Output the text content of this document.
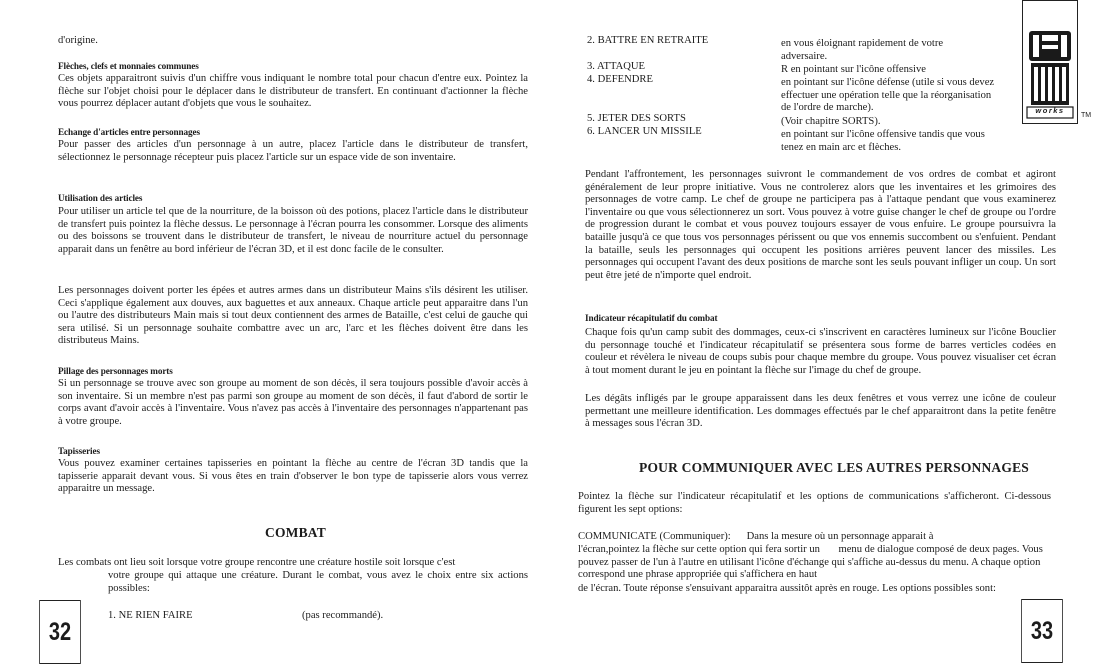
d'origine.

Flèches, clefs et monnaies communes

Ces objets apparaitront suivis d'un chiffre vous indiquant le nombre total pour chacun d'entre eux. Pointez la flèche sur l'objet choisi pour le déplacer dans le distributeur de transfert. En continuant d'actionner la flèche vous pourrez déplacer autant d'objets que vous le souhaitez.

Echange d'articles entre personnages

Pour passer des articles d'un personnage à un autre, placez l'article dans le distributeur de transfert, sélectionnez le personnage récepteur puis placez l'article sur un espace vide de son inventaire.

Utilisation des articles

Pour utiliser un article tel que de la nourriture, de la boisson où des potions, placez l'article dans le distributeur de transfert puis pointez la flèche dessus. Le personnage à l'écran pourra les consommer. Lorsque des aliments ou des boissons se trouvent dans le distributeur de transfert, le niveau de nourriture actuel du personnage apparait dans un fenêtre au bord inférieur de l'écran 3D, et il est donc facile de le consulter.

Les personnages doivent porter les épées et autres armes dans un distributeur Mains s'ils désirent les utiliser. Ceci s'applique également aux douves, aux baguettes et aux anneaux. Chaque article peut apparaitre dans l'un ou l'autre des distributeurs Main mais si tout deux contiennent des armes de Bataille, c'est celui de gauche qui sera utilisé. Si un personnage souhaite combattre avec un arc, l'arc et les flèches doivent être dans les distributeus Mains.

Pillage des personnages morts

Si un personnage se trouve avec son groupe au moment de son décès, il sera toujours possible d'avoir accès à son inventaire. Si un membre n'est pas parmi son groupe au moment de son décès, il faut d'abord de sortir le corps avant d'avoir accès à l'inventaire. Vous n'avez pas accès à l'inventaire des personnages n'appartenant pas à votre groupe.

Tapisseries

Vous pouvez examiner certaines tapisseries en pointant la flèche au centre de l'écran 3D tandis que la tapisserie apparait devant vous. Si vous êtes en train d'observer le bon type de tapisserie alors vous verrez apparaitre un message.

COMBAT

Les combats ont lieu soit lorsque votre groupe rencontre une créature hostile soit lorsque c'est

votre groupe qui attaque une créature. Durant le combat, vous avez le choix entre six actions possibles:

1. NE RIEN FAIRE	(pas recommandé).
32
2. BATTRE EN RETRAITE	en vous éloignant rapidement de votre adversaire.

3. ATTAQUE	R en pointant sur l'icône offensive

4. DEFENDRE	en pointant sur l'icône défense (utile si vous devez effectuer une opération telle que la réorganisation de l'ordre de marche).

5. JETER DES SORTS	(Voir chapitre SORTS).

6. LANCER UN MISSILE	en pointant sur l'icône offensive tandis que vous tenez en main arc et flèches.

works
TM

Pendant l'affrontement, les personnages suivront le commandement de vos ordres de combat et agiront généralement de leur propre initiative. Vous ne controlerez alors que les inventaires et les grimoires des personnages de votre camp. Le chef de groupe ne participera pas à l'attaque pendant que vous examinerez l'inventaire ou que vous sélectionnerez un sort. Vous pouvez à votre guise changer le chef de groupe ou l'ordre de progression durant le combat et vous pouvez toujours essayer de vous enfuire. Le groupe poursuivra la bataille jusqu'à ce que tous vos personnages périssent ou que vos ennemis succombent ou s'enfuient. Pendant la bataille, seuls les personnages qui occupent les positions arrières peuvent lancer des missiles. Les personnages qui occupent l'avant des deux positions de marche sont les seuls pouvant infliger un coup. Un sort peut être jeté de n'importe quel endroit.

Indicateur récapitulatif du combat

Chaque fois qu'un camp subit des dommages, ceux-ci s'inscrivent en caractères lumineux sur l'icône Bouclier du personnage touché et l'indicateur récapitulatif se présentera sous forme de barres verticles codées en couleur et révèlera le niveau de coups subis pour chaque membre du groupe. Vous pouvez visualiser cet écran à tout moment durant le jeu en pointant la flèche sur l'image du chef de groupe.

Les dégâts infligés par le groupe apparaissent dans les deux fenêtres et vous verrez une icône de couleur permettant une meilleure identification. Les dommages effectués par le chef apparaitront dans la petite fenêtre à messages sous l'écran 3D.

POUR COMMUNIQUER AVEC LES AUTRES PERSONNAGES

Pointez la flèche sur l'indicateur récapitulatif et les options de communications s'afficheront. Ci-dessous figurent les sept options:

COMMUNICATE (Communiquer):      Dans la mesure où un personnage apparait à

l'écran,pointez la flèche sur cette option qui fera sortir un       menu de dialogue composé de deux pages. Vous pouvez passer de l'un à l'autre en utilisant l'icône d'échange qui s'affiche au-dessus du menu. A chaque option correspond une phrase appropriée qui s'affichera en haut

de l'écran. Toute réponse s'ensuivant apparaitra aussitôt après en rouge. Les options possibles sont:

33
